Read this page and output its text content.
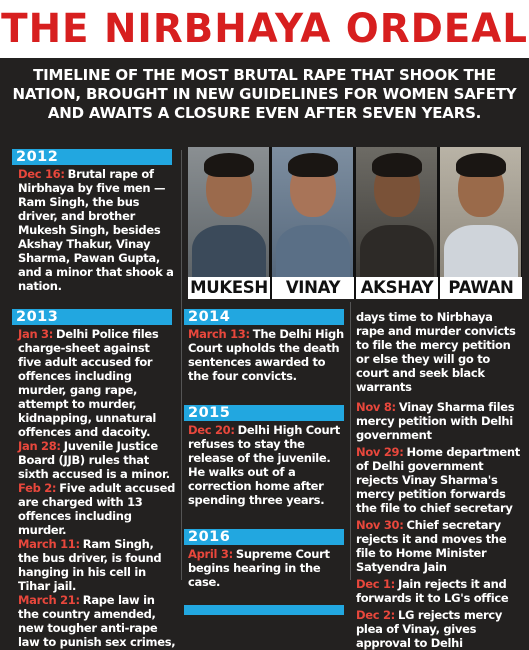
THE NIRBHAYA ORDEAL
TIMELINE OF THE MOST BRUTAL RAPE THAT SHOOK THE NATION, BROUGHT IN NEW GUIDELINES FOR WOMEN SAFETY AND AWAITS A CLOSURE EVEN AFTER SEVEN YEARS.
2012

Dec 16: Brutal rape of Nirbhaya by five men — Ram Singh, the bus driver, and brother Mukesh Singh, besides Akshay Thakur, Vinay Sharma, Pawan Gupta, and a minor that shook a nation.

2013

Jan 3: Delhi Police files charge-sheet against five adult accused for offences including murder, gang rape, attempt to murder, kidnapping, unnatural offences and dacoity.

Jan 28: Juvenile Justice Board (JJB) rules that sixth accused is a minor.

Feb 2: Five adult accused are charged with 13 offences including murder.

March 11: Ram Singh, the bus driver, is found hanging in his cell in Tihar jail.

March 21: Rape law in the country amended, new tougher anti-rape law to punish sex crimes,

MUKESH	VINAY	AKSHAY PAWAN
2014

March 13: The Delhi High Court upholds the death sentences awarded to the four convicts.

2015

Dec 20: Delhi High Court refuses to stay the release of the juvenile. He walks out of a correction home after spending three years.

2016

April 3: Supreme Court begins hearing in the case.

days time to Nirbhaya rape and murder convicts to file the mercy petition or else they will go to court and seek black warrants

Nov 8: Vinay Sharma files mercy petition with Delhi government

Nov 29: Home department of Delhi government rejects Vinay Sharma's mercy petition forwards the file to chief secretary

Nov 30: Chief secretary rejects it and moves the file to Home Minister Satyendra Jain

Dec 1: Jain rejects it and forwards it to LG's office

Dec 2: LG rejects mercy plea of Vinay, gives approval to Delhi
